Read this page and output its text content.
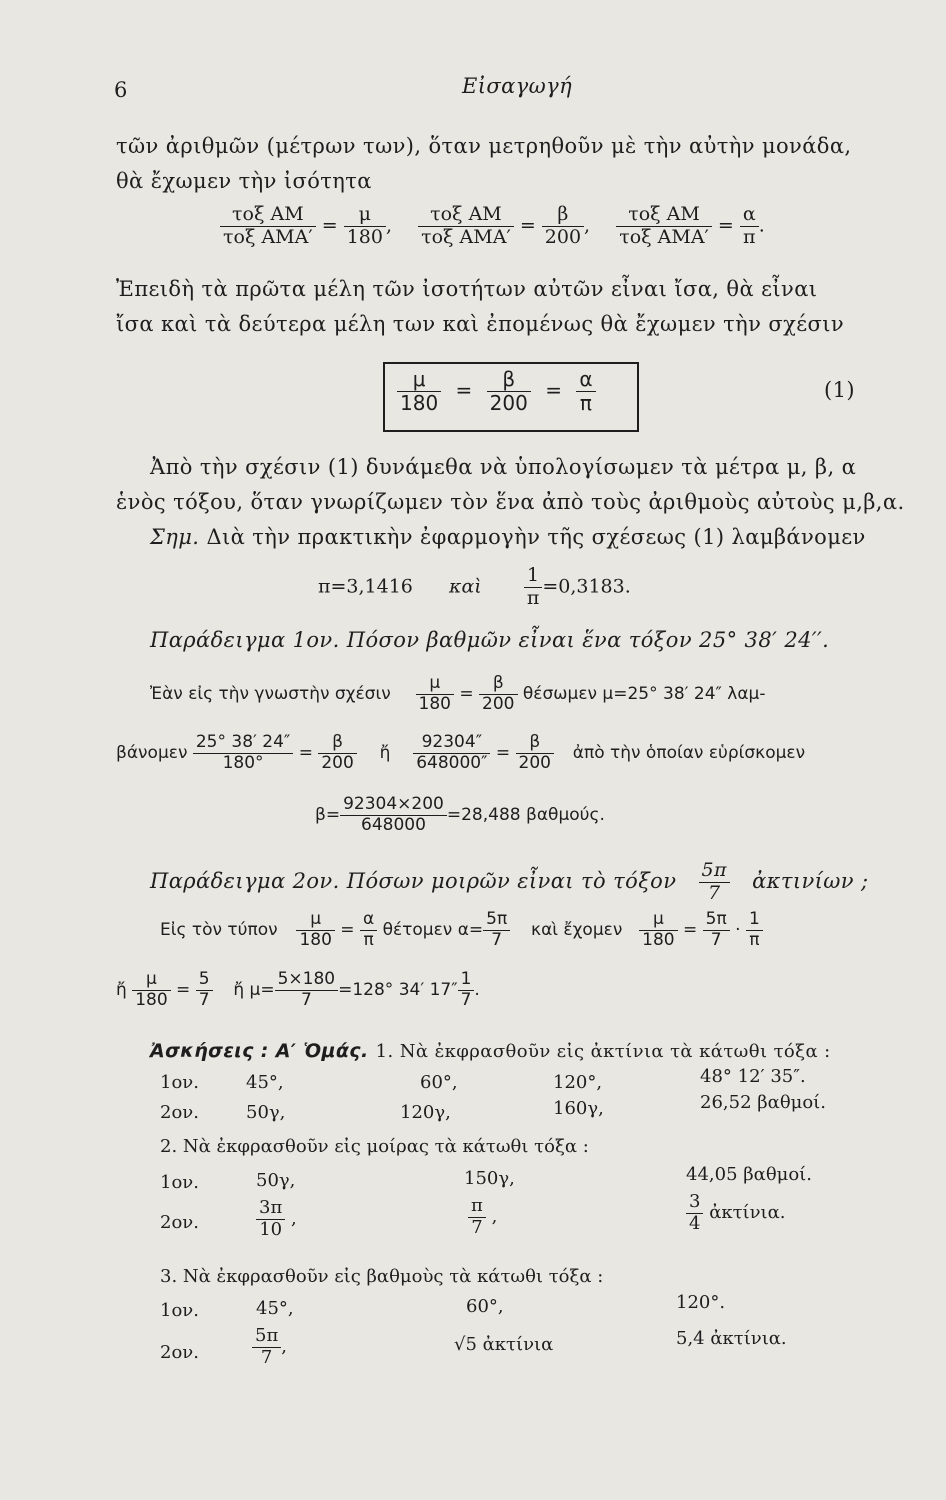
6	Εἰσαγωγή
τῶν ἀριθμῶν (μέτρων των), ὅταν μετρηθοῦν μὲ τὴν αὐτὴν μονάδα,
θὰ ἔχωμεν τὴν ἰσότητα
$\frac{\text{τοξ AM}}{\text{τοξ AMA′}} = \frac{\mu}{180}$ , $\frac{\text{τοξ AM}}{\text{τοξ AMA′}} = \frac{\beta}{200}$ , $\frac{\text{τοξ AM}}{\text{τοξ AMA′}} = \frac{\alpha}{\pi}$ .
Ἐπειδὴ τὰ πρῶτα μέλη τῶν ἰσοτήτων αὐτῶν εἶναι ἴσα, θὰ εἶναι
ἴσα καὶ τὰ δεύτερα μέλη των καὶ ἐπομένως θὰ ἔχωμεν τὴν σχέσιν
$\frac{\mu}{180} = \frac{\beta}{200} = \frac{\alpha}{\pi}$	(1)
Ἀπὸ τὴν σχέσιν (1) δυνάμεθα νὰ ὑπολογίσωμεν τὰ μέτρα μ, β, α
ἑνὸς τόξου, ὅταν γνωρίζωμεν τὸν ἕνα ἀπὸ τοὺς ἀριθμοὺς αὐτοὺς μ,β,α.
Σημ. Διὰ τὴν πρακτικὴν ἐφαρμογὴν τῆς σχέσεως (1) λαμβάνομεν
π=3,1416 καὶ $\frac{1}{\pi} =0,3183$.
Παράδειγμα 1ον. Πόσον βαθμῶν εἶναι ἕνα τόξον 25° 38′ 24′′.
Ἐὰν εἰς τὴν γνωστὴν σχέσιν $\frac{\mu}{180} = \frac{\beta}{200}$ θέσωμεν μ=25° 38′ 24″ λαμ-
βάνομεν $\frac{25^\circ 38' 24''}{180^\circ} = \frac{\beta}{200}$ ἤ $\frac{92304''}{648000''} = \frac{\beta}{200}$ ἀπὸ τὴν ὁποίαν εὑρίσκομεν
$\beta= \frac{92304\times 200}{648000} =28,488$ βαθμούς.
Παράδειγμα 2ον. Πόσων μοιρῶν εἶναι τὸ τόξον $\frac{5\pi}{7}$ ἀκτινίων ;
Εἰς τὸν τύπον $\frac{\mu}{180} = \frac{\alpha}{\pi}$ θέτομεν $\alpha= \frac{5\pi}{7}$ καὶ ἔχομεν $\frac{\mu}{180} = \frac{5\pi}{7} \cdot \frac{1}{\pi}$
ἤ $\frac{\mu}{180} = \frac{5}{7}$ ἤ $\mu= \frac{5\times 180}{7} =128^\circ$ 34′ $17'' \frac{1}{7}$ .
Ἀσκήσεις : Α′ Ὁμάς. 1. Νὰ ἐκφρασθοῦν εἰς ἀκτίνια τὰ κάτωθι τόξα :
1ον.	45°,	60°,	120°,	48° 12′ 35″.
2ον.	50γ,	120γ,	160γ,	26,52 βαθμοί.
2. Νὰ ἐκφρασθοῦν εἰς μοίρας τὰ κάτωθι τόξα :
1ον.	50γ,	150γ,	44,05 βαθμοί.
2ον.	$\frac{3\pi}{10}$ ,	$\frac{\pi}{7}$ ,	$\frac{3}{4}$ ἀκτίνια.
3. Νὰ ἐκφρασθοῦν εἰς βαθμοὺς τὰ κάτωθι τόξα :
1ον.	45°,	60°,	120°.
2ον.	$\frac{5\pi}{7}$ ,	√5 ἀκτίνια	5,4 ἀκτίνια.
